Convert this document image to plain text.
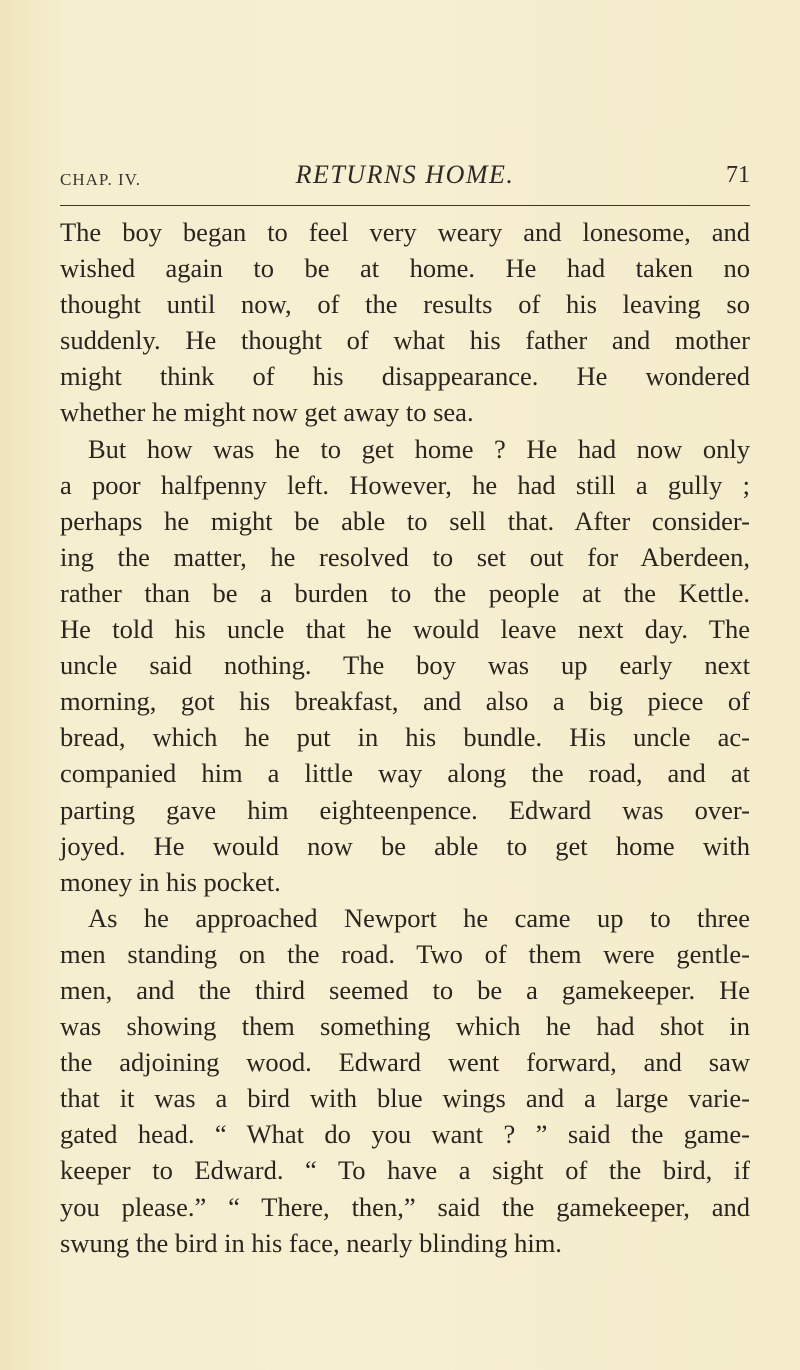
CHAP. IV.	RETURNS HOME.	71
The boy began to feel very weary and lonesome, and
wished again to be at home. He had taken no
thought until now, of the results of his leaving so
suddenly. He thought of what his father and mother
might think of his disappearance. He wondered
whether he might now get away to sea.
But how was he to get home ? He had now only
a poor halfpenny left. However, he had still a gully ;
perhaps he might be able to sell that. After consider-
ing the matter, he resolved to set out for Aberdeen,
rather than be a burden to the people at the Kettle.
He told his uncle that he would leave next day. The
uncle said nothing. The boy was up early next
morning, got his breakfast, and also a big piece of
bread, which he put in his bundle. His uncle ac-
companied him a little way along the road, and at
parting gave him eighteenpence. Edward was over-
joyed. He would now be able to get home with
money in his pocket.
As he approached Newport he came up to three
men standing on the road. Two of them were gentle-
men, and the third seemed to be a gamekeeper. He
was showing them something which he had shot in
the adjoining wood. Edward went forward, and saw
that it was a bird with blue wings and a large varie-
gated head. “ What do you want ? ” said the game-
keeper to Edward. “ To have a sight of the bird, if
you please.” “ There, then,” said the gamekeeper, and
swung the bird in his face, nearly blinding him.
